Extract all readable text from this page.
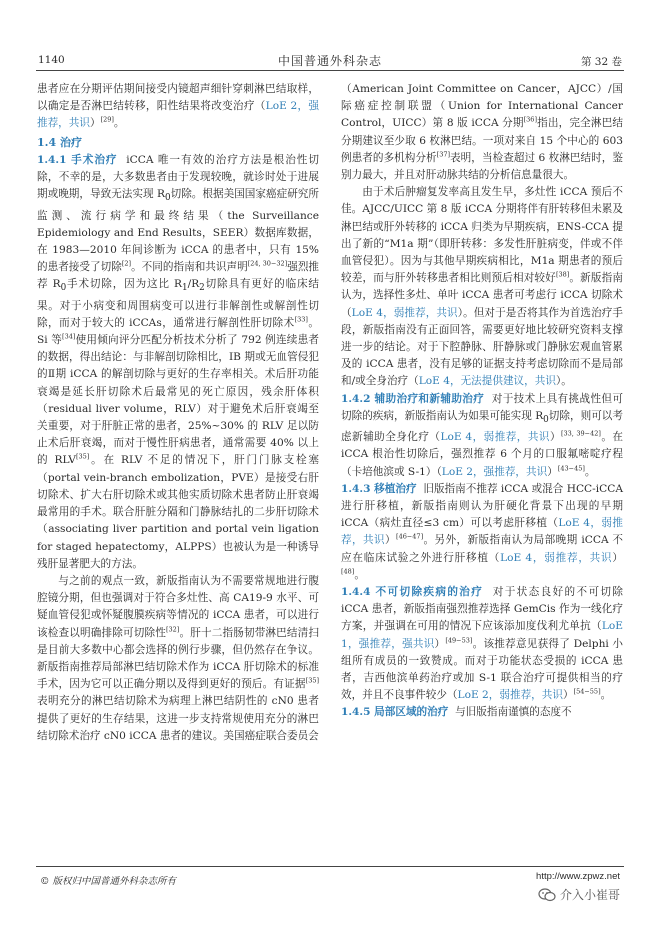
1140	中国普通外科杂志	第 32 卷

患者应在分期评估期间接受内镜超声细针穿刺淋巴结取样，以确定是否淋巴结转移，阳性结果将改变治疗（LoE 2，强推荐，共识）[29]。

1.4 治疗

1.4.1 手术治疗 iCCA 唯一有效的治疗方法是根治性切除，不幸的是，大多数患者由于发现较晚，就诊时处于进展期或晚期，导致无法实现 $R_0$切除。根据美国国家癌症研究所监测、流行病学和最终结果（the Surveillance Epidemiology and End Results，SEER）数据库数据，在 1983—2010 年间诊断为 iCCA 的患者中，只有 15% 的患者接受了切除[2]。不同的指南和共识声明[24, 30−32]强烈推荐 $R_0$手术切除，因为这比 $R_1/R_2$切除具有更好的临床结果。对于小病变和周围病变可以进行非解剖性或解剖性切除，而对于较大的 iCCAs，通常进行解剖性肝切除术[33]。Si 等[34]使用倾向评分匹配分析技术分析了 792 例连续患者的数据，得出结论：与非解剖切除相比，IB 期或无血管侵犯的Ⅱ期 iCCA 的解剖切除与更好的生存率相关。术后肝功能衰竭是延长肝切除术后最常见的死亡原因，残余肝体积（residual liver volume，RLV）对于避免术后肝衰竭至关重要，对于肝脏正常的患者，25%~30% 的 RLV 足以防止术后肝衰竭，而对于慢性肝病患者，通常需要 40% 以上的 RLV[35]。在 RLV 不足的情况下，肝门门脉支栓塞（portal vein-branch embolization，PVE）是接受右肝切除术、扩大右肝切除术或其他实质切除术患者防止肝衰竭最常用的手术。联合肝脏分隔和门静脉结扎的二步肝切除术（associating liver partition and portal vein ligation for staged hepatectomy，ALPPS）也被认为是一种诱导残肝显著肥大的方法。

与之前的观点一致，新版指南认为不需要常规地进行腹腔镜分期，但也强调对于符合多灶性、高 CA19-9 水平、可疑血管侵犯或怀疑腹膜疾病等情况的 iCCA 患者，可以进行该检查以明确排除可切除性[32]。肝十二指肠韧带淋巴结清扫是目前大多数中心都会选择的例行步骤，但仍然存在争议。新版指南推荐局部淋巴结切除术作为 iCCA 肝切除术的标准手术，因为它可以正确分期以及得到更好的预后。有证据[35]表明充分的淋巴结切除术为病理上淋巴结阴性的 cN0 患者提供了更好的生存结果，这进一步支持常规使用充分的淋巴结切除术治疗 cN0 iCCA 患者的建议。美国癌症联合委员会

（American Joint Committee on Cancer，AJCC）/国际癌症控制联盟（Union for International Cancer Control，UICC）第 8 版 iCCA 分期[36]指出，完全淋巴结分期建议至少取 6 枚淋巴结。一项对来自 15 个中心的 603 例患者的多机构分析[37]表明，当检查超过 6 枚淋巴结时，鉴别力最大，并且对肝动脉共结的分析信息量很大。

由于术后肿瘤复发率高且发生早，多灶性 iCCA 预后不佳。AJCC/UICC 第 8 版 iCCA 分期将伴有肝转移但未累及淋巴结或肝外转移的 iCCA 归类为早期疾病，ENS-CCA 提出了新的“M1a 期”（即肝转移：多发性肝脏病变，伴或不伴血管侵犯）。因为与其他早期疾病相比，M1a 期患者的预后较差，而与肝外转移患者相比则预后相对较好[38]。新版指南认为，选择性多灶、单叶 iCCA 患者可考虑行 iCCA 切除术（LoE 4，弱推荐，共识）。但对于是否将其作为首选治疗手段，新版指南没有正面回答，需要更好地比较研究资料支撑进一步的结论。对于下腔静脉、肝静脉或门静脉宏观血管累及的 iCCA 患者，没有足够的证据支持考虑切除而不是局部和/或全身治疗（LoE 4，无法提供建议，共识）。

1.4.2 辅助治疗和新辅助治疗 对于技术上具有挑战性但可切除的疾病，新版指南认为如果可能实现 $R_0$切除，则可以考虑新辅助全身化疗（LoE 4，弱推荐，共识）[33, 39−42]。在 iCCA 根治性切除后，强烈推荐 6 个月的口服氟嘧啶疗程（卡培他滨或 S-1）（LoE 2，强推荐，共识）[43−45]。

1.4.3 移植治疗 旧版指南不推荐 iCCA 或混合 HCC-iCCA 进行肝移植，新版指南则认为肝硬化背景下出现的早期 iCCA（病灶直径≤3 cm）可以考虑肝移植（LoE 4，弱推荐，共识）[46−47]。另外，新版指南认为局部晚期 iCCA 不应在临床试验之外进行肝移植（LoE 4，弱推荐，共识）[48]。

1.4.4 不可切除疾病的治疗 对于状态良好的不可切除 iCCA 患者，新版指南强烈推荐选择 GemCis 作为一线化疗方案，并强调在可用的情况下应该添加度伐利尤单抗（LoE 1，强推荐，强共识）[49−53]。该推荐意见获得了 Delphi 小组所有成员的一致赞成。而对于功能状态受损的 iCCA 患者，吉西他滨单药治疗或加 S-1 联合治疗可提供相当的疗效，并且不良事件较少（LoE 2，弱推荐，共识）[54−55]。

1.4.5 局部区域的治疗 与旧版指南谨慎的态度不

© 版权归中国普通外科杂志所有	http://www.zpwz.net
介入小崔哥
